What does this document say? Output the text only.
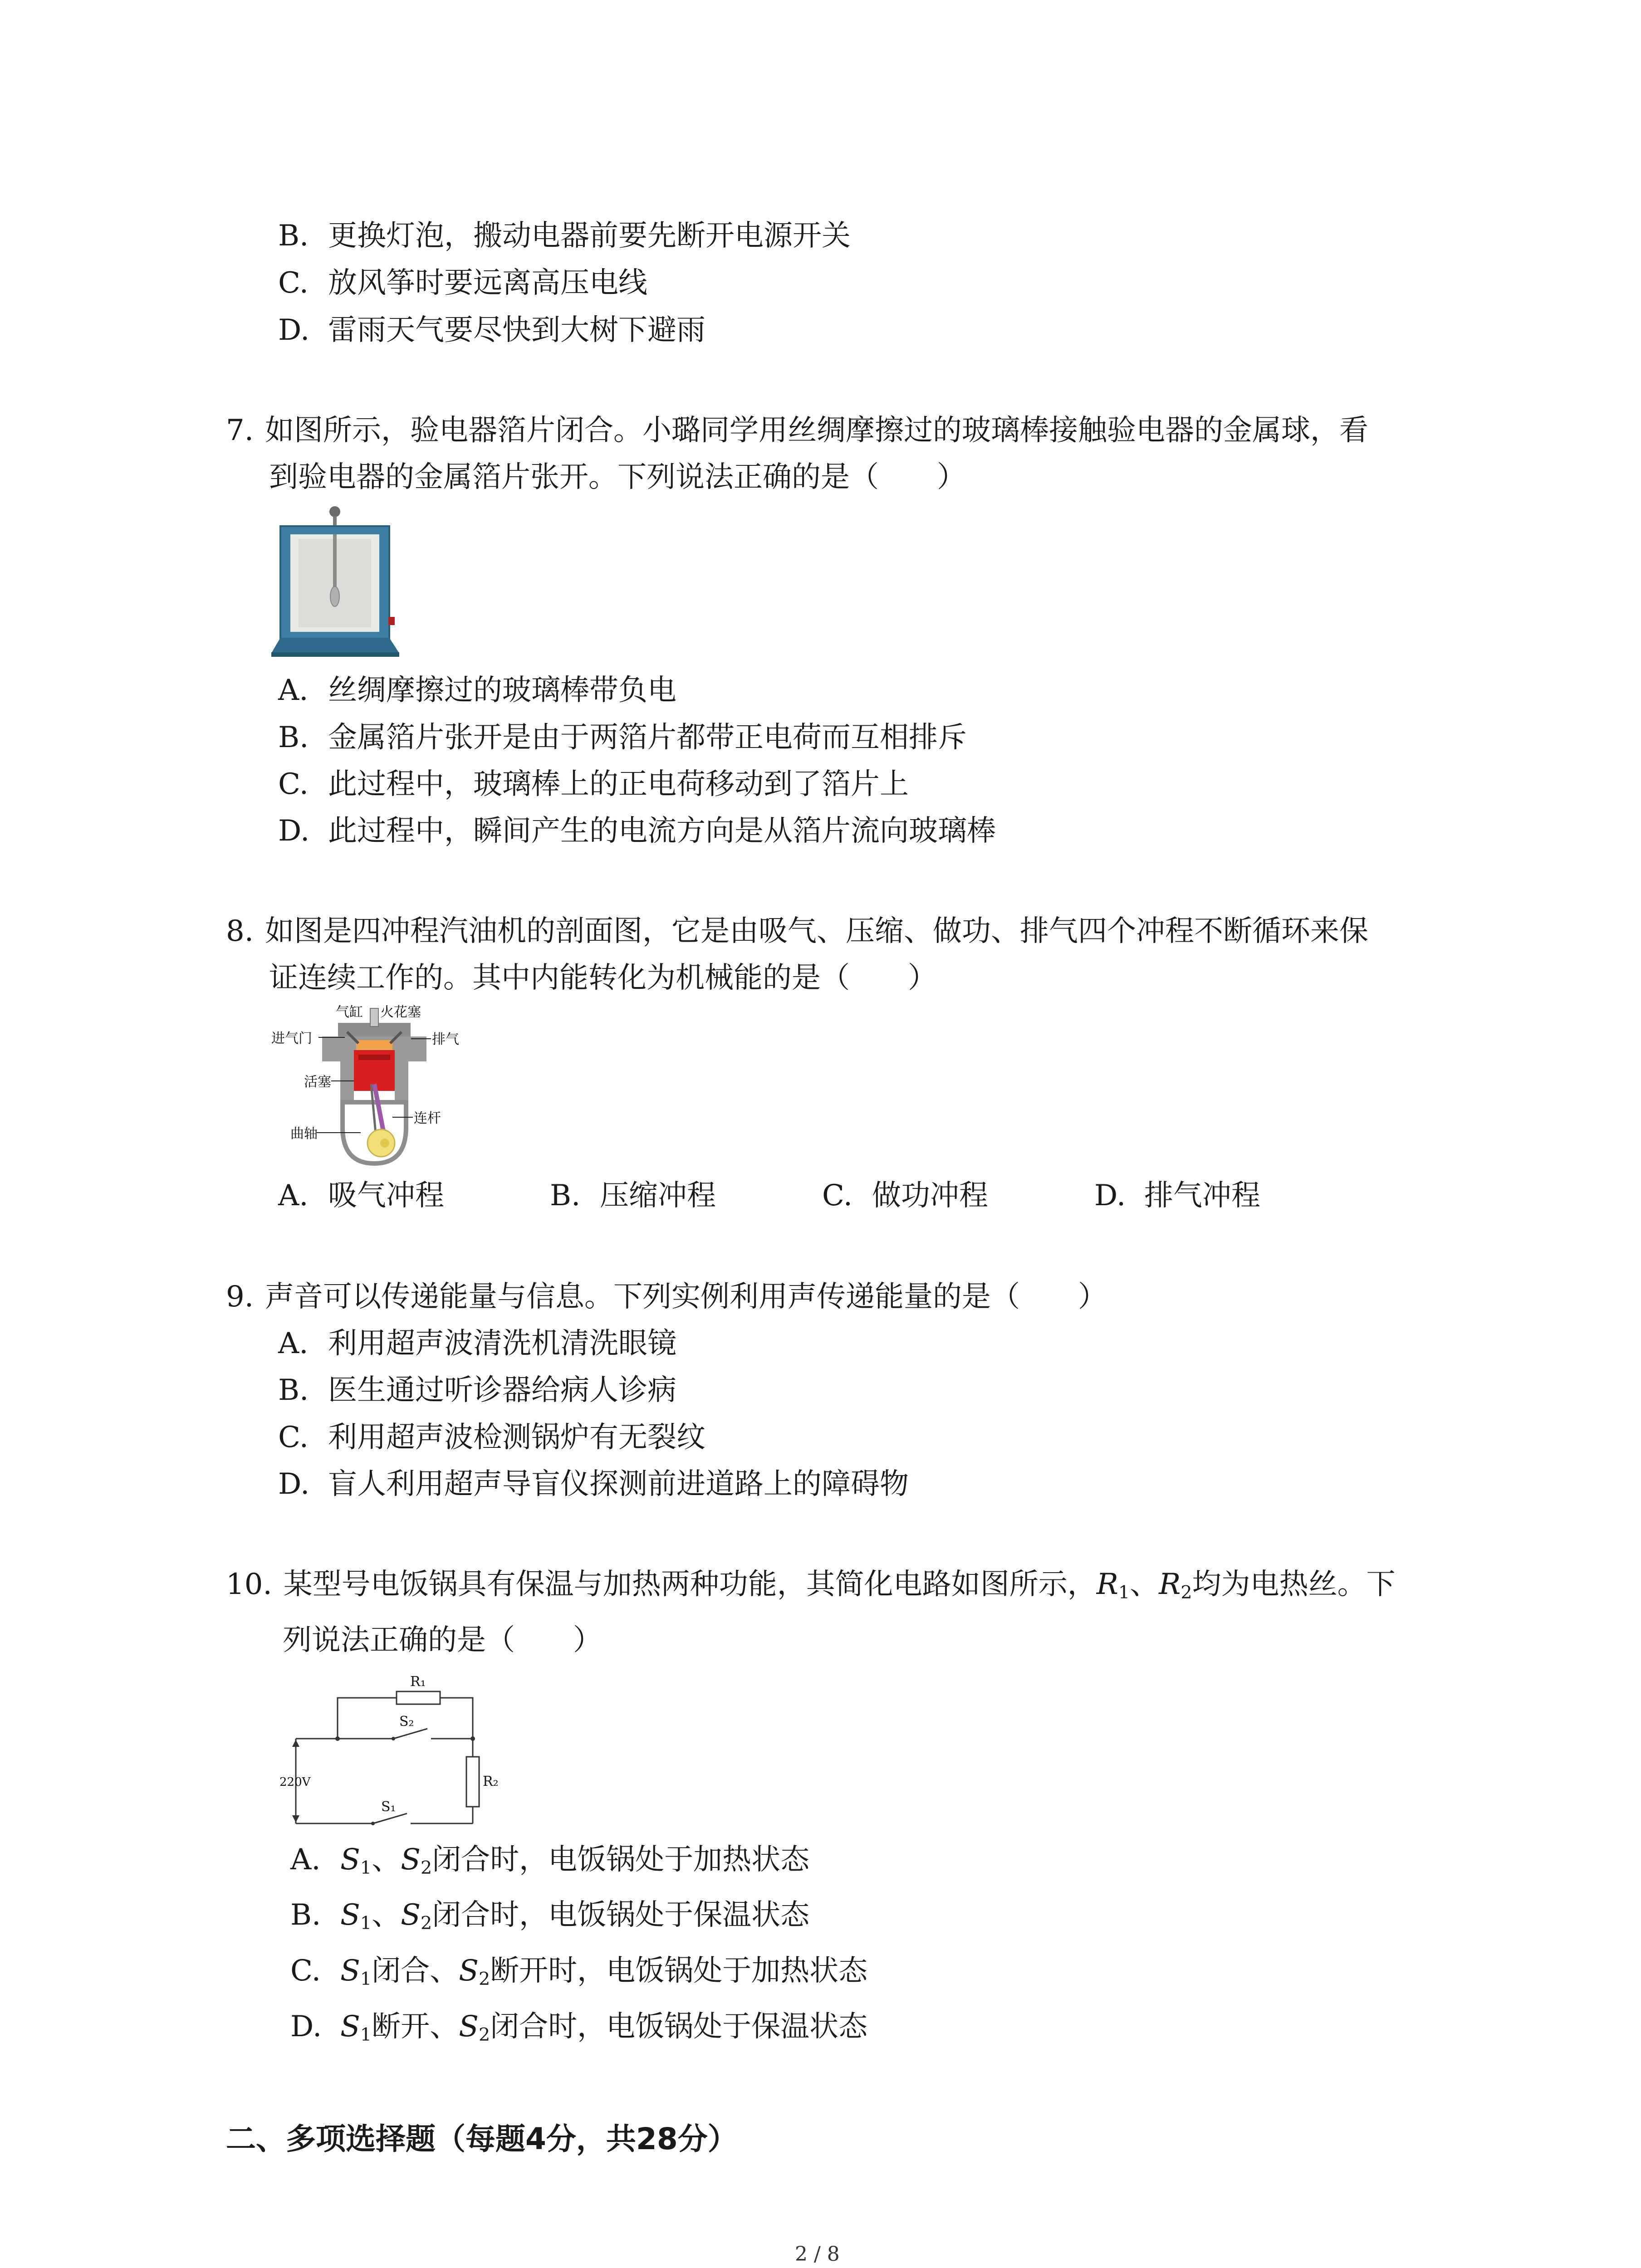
B. 更换灯泡，搬动电器前要先断开电源开关
C. 放风筝时要远离高压电线
D. 雷雨天气要尽快到大树下避雨
7. 如图所示，验电器箔片闭合。小璐同学用丝绸摩擦过的玻璃棒接触验电器的金属球，看
到验电器的金属箔片张开。下列说法正确的是（　　）
A. 丝绸摩擦过的玻璃棒带负电
B. 金属箔片张开是由于两箔片都带正电荷而互相排斥
C. 此过程中，玻璃棒上的正电荷移动到了箔片上
D. 此过程中，瞬间产生的电流方向是从箔片流向玻璃棒
8. 如图是四冲程汽油机的剖面图，它是由吸气、压缩、做功、排气四个冲程不断循环来保
证连续工作的。其中内能转化为机械能的是（　　）
气缸 火花塞
进气门	排气
活塞
连杆
曲轴
A. 吸气冲程	B. 压缩冲程	C. 做功冲程	D. 排气冲程
9. 声音可以传递能量与信息。下列实例利用声传递能量的是（　　）
A. 利用超声波清洗机清洗眼镜
B. 医生通过听诊器给病人诊病
C. 利用超声波检测锅炉有无裂纹
D. 盲人利用超声导盲仪探测前进道路上的障碍物
10. 某型号电饭锅具有保温与加热两种功能，其简化电路如图所示，$R_1$、$R_2$均为电热丝。下
列说法正确的是（　　）
R₁
S₂
R₂
S₁
220V
A. $S_1$、$S_2$闭合时，电饭锅处于加热状态
B. $S_1$、$S_2$闭合时，电饭锅处于保温状态
C. $S_1$闭合、$S_2$断开时，电饭锅处于加热状态
D. $S_1$断开、$S_2$闭合时，电饭锅处于保温状态
二、多项选择题（每题4分，共28分）
2 / 8
